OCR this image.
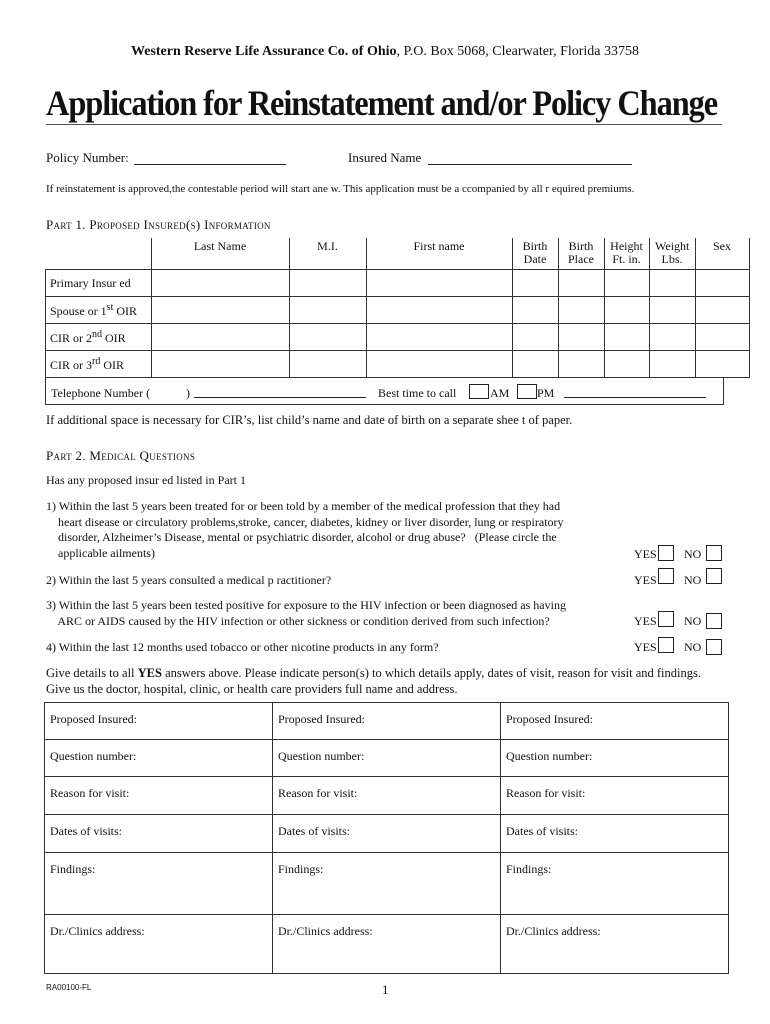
Western Reserve Life Assurance Co. of Ohio, P.O. Box 5068, Clearwater, Florida 33758
Application for Reinstatement and/or Policy Change
Policy Number:	Insured Name
If reinstatement is approved,the contestable period will start ane w. This application must be a ccompanied by all r equired premiums.
Part 1. Proposed Insured(s) Information
	Last Name	M.I.	First name	Birth Date	Birth Place	Height Ft. in.	Weight Lbs.	Sex
Primary Insur ed								
Spouse or 1st OIR								
CIR or 2nd OIR								
CIR or 3rd OIR								
Telephone Number (	)	Best time to call	AM PM
If additional space is necessary for CIR’s, list child’s name and date of birth on a separate shee t of paper.
Part 2. Medical Questions
Has any proposed insur ed listed in Part 1
1) Within the last 5 years been treated for or been told by a member of the medical profession that they had
heart disease or circulatory problems,stroke, cancer, diabetes, kidney or liver disorder, lung or respiratory
disorder, Alzheimer’s Disease, mental or psychiatric disorder, alcohol or drug abuse?   (Please circle the
applicable ailments)	YES NO
2) Within the last 5 years consulted a medical p ractitioner?	YES NO
3) Within the last 5 years been tested positive for exposure to the HIV infection or been diagnosed as having
ARC or AIDS caused by the HIV infection or other sickness or condition derived from such infection?	YES NO
4) Within the last 12 months used tobacco or other nicotine products in any form?	YES NO
Give details to all YES answers above. Please indicate person(s) to which details apply, dates of visit, reason for visit and findings.
Give us the doctor, hospital, clinic, or health care providers full name and address.
Proposed Insured:	Proposed Insured:	Proposed Insured:
Question number:	Question number:	Question number:
Reason for visit:	Reason for visit:	Reason for visit:
Dates of visits:	Dates of visits:	Dates of visits:
Findings:	Findings:	Findings:
Dr./Clinics address:	Dr./Clinics address:	Dr./Clinics address:
RA00100-FL	1
